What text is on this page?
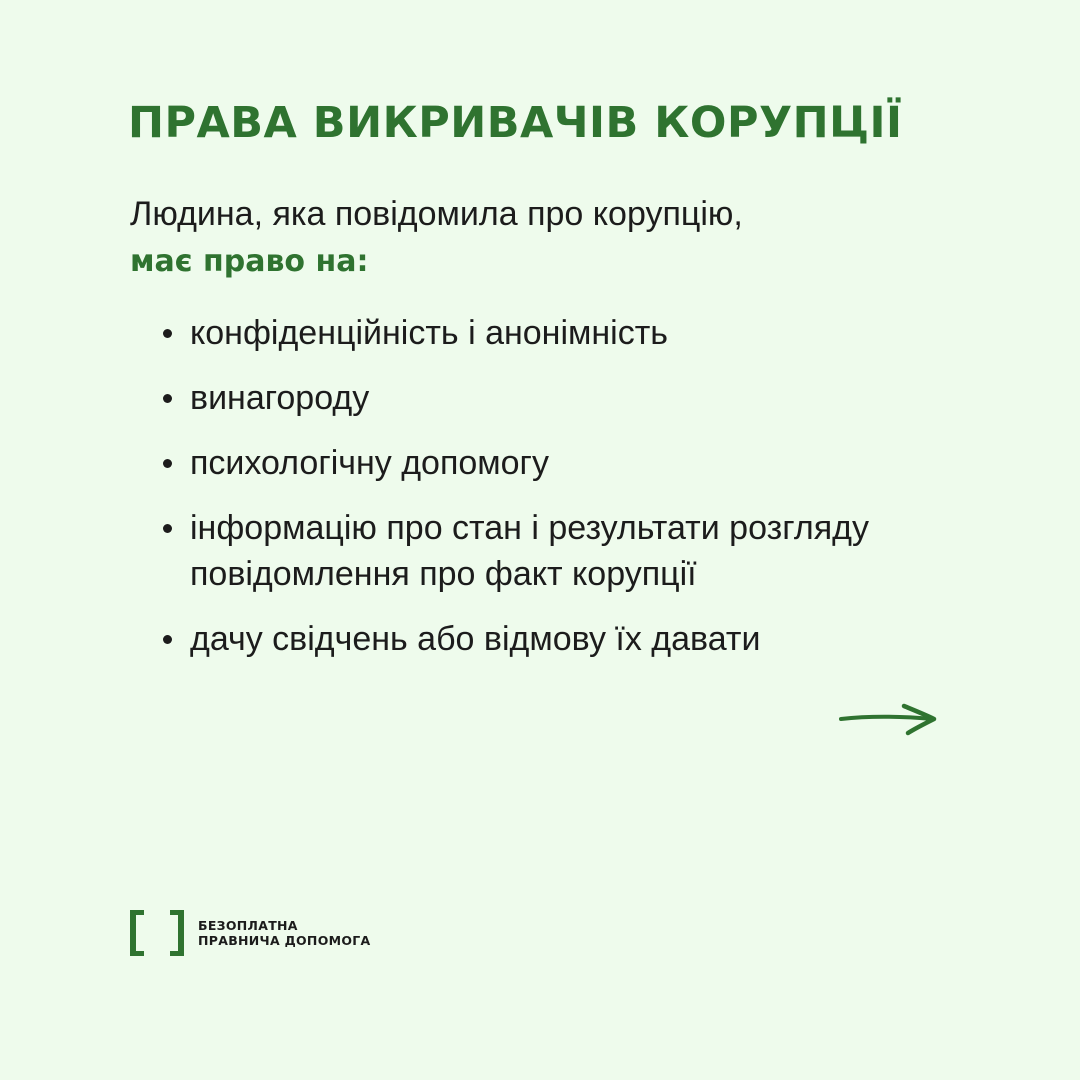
ПРАВА ВИКРИВАЧІВ КОРУПЦІЇ
Людина, яка повідомила про корупцію,
має право на:
конфіденційність і анонімність
винагороду
психологічну допомогу
інформацію про стан і результати розгляду повідомлення про факт корупції
дачу свідчень або відмову їх давати
БЕЗОПЛАТНА
ПРАВНИЧА ДОПОМОГА
